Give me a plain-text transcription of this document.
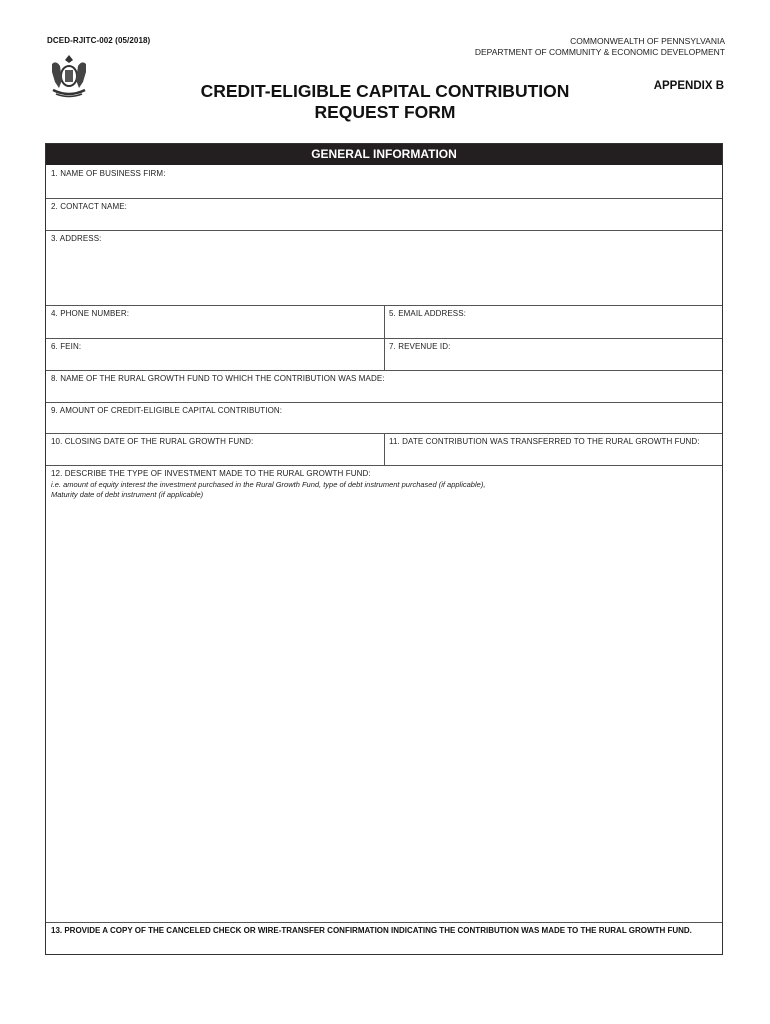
DCED-RJITC-002 (05/2018)	COMMONWEALTH OF PENNSYLVANIA
DEPARTMENT OF COMMUNITY & ECONOMIC DEVELOPMENT
CREDIT-ELIGIBLE CAPITAL CONTRIBUTION
REQUEST FORM
APPENDIX B
GENERAL INFORMATION
1. NAME OF BUSINESS FIRM:
2. CONTACT NAME:
3. ADDRESS:
4. PHONE NUMBER:	5. EMAIL ADDRESS:
6. FEIN:	7. REVENUE ID:
8. NAME OF THE RURAL GROWTH FUND TO WHICH THE CONTRIBUTION WAS MADE:
9. AMOUNT OF CREDIT-ELIGIBLE CAPITAL CONTRIBUTION:
10. CLOSING DATE OF THE RURAL GROWTH FUND:	11. DATE CONTRIBUTION WAS TRANSFERRED TO THE RURAL GROWTH FUND:
12. DESCRIBE THE TYPE OF INVESTMENT MADE TO THE RURAL GROWTH FUND:
i.e. amount of equity interest the investment purchased in the Rural Growth Fund, type of debt instrument purchased (if applicable),
Maturity date of debt instrument (if applicable)
13. PROVIDE A COPY OF THE CANCELED CHECK OR WIRE-TRANSFER CONFIRMATION INDICATING THE CONTRIBUTION WAS MADE TO THE RURAL GROWTH FUND.
